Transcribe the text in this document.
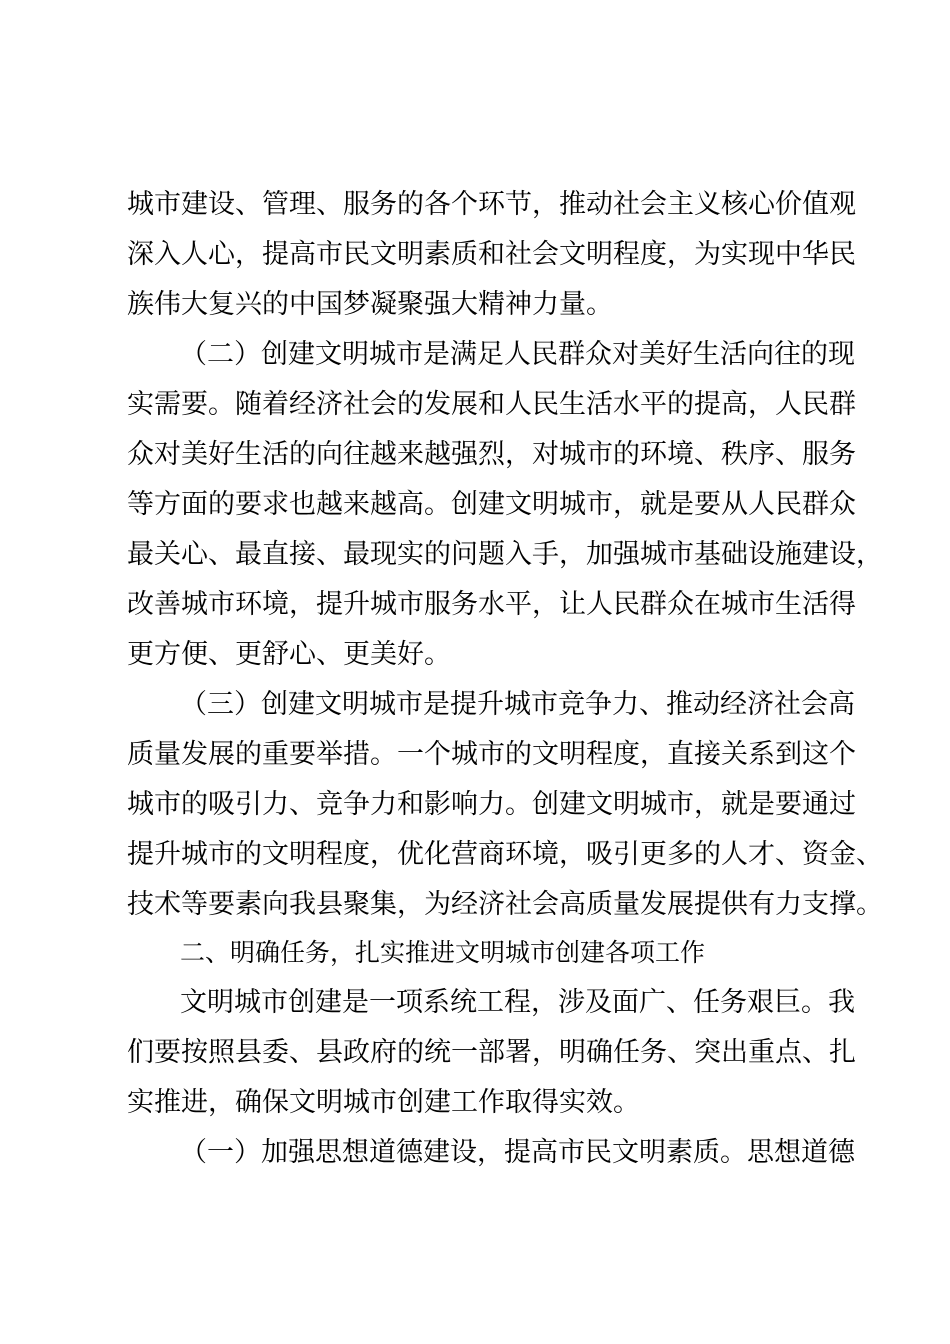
城市建设、管理、服务的各个环节，推动社会主义核心价值观
深入人心，提高市民文明素质和社会文明程度，为实现中华民
族伟大复兴的中国梦凝聚强大精神力量。
（二）创建文明城市是满足人民群众对美好生活向往的现
实需要。随着经济社会的发展和人民生活水平的提高，人民群
众对美好生活的向往越来越强烈，对城市的环境、秩序、服务
等方面的要求也越来越高。创建文明城市，就是要从人民群众
最关心、最直接、最现实的问题入手，加强城市基础设施建设，
改善城市环境，提升城市服务水平，让人民群众在城市生活得
更方便、更舒心、更美好。
（三）创建文明城市是提升城市竞争力、推动经济社会高
质量发展的重要举措。一个城市的文明程度，直接关系到这个
城市的吸引力、竞争力和影响力。创建文明城市，就是要通过
提升城市的文明程度，优化营商环境，吸引更多的人才、资金、
技术等要素向我县聚集，为经济社会高质量发展提供有力支撑。
二、明确任务，扎实推进文明城市创建各项工作
文明城市创建是一项系统工程，涉及面广、任务艰巨。我
们要按照县委、县政府的统一部署，明确任务、突出重点、扎
实推进，确保文明城市创建工作取得实效。
（一）加强思想道德建设，提高市民文明素质。思想道德
